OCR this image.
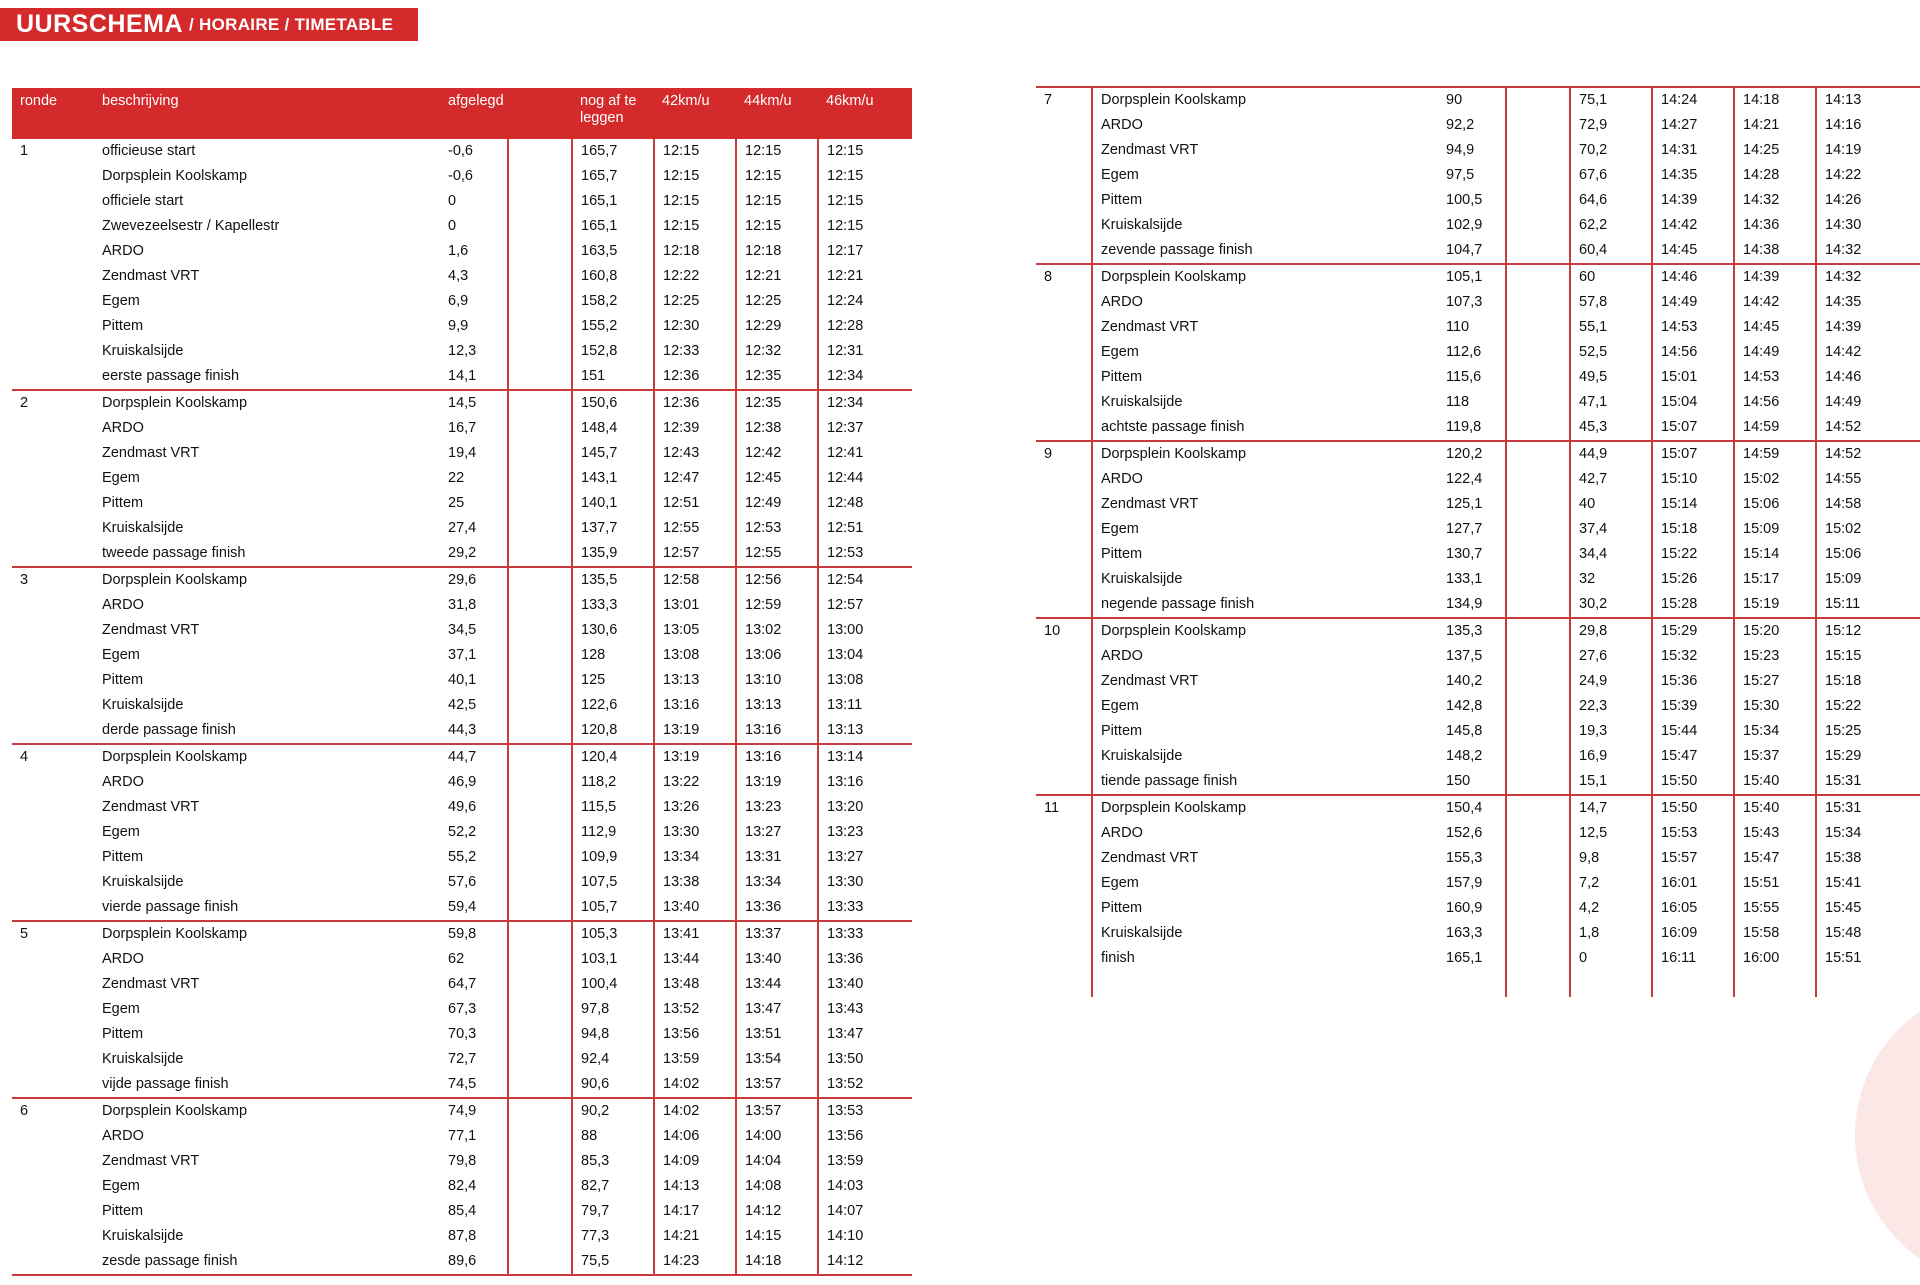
UURSCHEMA / HORAIRE / TIMETABLE
ronde	beschrijving	afgelegd		nog af te leggen	42km/u	44km/u	46km/u
1	officieuse start	-0,6		165,7	12:15	12:15	12:15
	Dorpsplein Koolskamp	-0,6		165,7	12:15	12:15	12:15
	officiele start	0		165,1	12:15	12:15	12:15
	Zwevezeelsestr / Kapellestr	0		165,1	12:15	12:15	12:15
	ARDO	1,6		163,5	12:18	12:18	12:17
	Zendmast VRT	4,3		160,8	12:22	12:21	12:21
	Egem	6,9		158,2	12:25	12:25	12:24
	Pittem	9,9		155,2	12:30	12:29	12:28
	Kruiskalsijde	12,3		152,8	12:33	12:32	12:31
	eerste passage finish	14,1		151	12:36	12:35	12:34
2	Dorpsplein Koolskamp	14,5		150,6	12:36	12:35	12:34
	ARDO	16,7		148,4	12:39	12:38	12:37
	Zendmast VRT	19,4		145,7	12:43	12:42	12:41
	Egem	22		143,1	12:47	12:45	12:44
	Pittem	25		140,1	12:51	12:49	12:48
	Kruiskalsijde	27,4		137,7	12:55	12:53	12:51
	tweede passage finish	29,2		135,9	12:57	12:55	12:53
3	Dorpsplein Koolskamp	29,6		135,5	12:58	12:56	12:54
	ARDO	31,8		133,3	13:01	12:59	12:57
	Zendmast VRT	34,5		130,6	13:05	13:02	13:00
	Egem	37,1		128	13:08	13:06	13:04
	Pittem	40,1		125	13:13	13:10	13:08
	Kruiskalsijde	42,5		122,6	13:16	13:13	13:11
	derde passage finish	44,3		120,8	13:19	13:16	13:13
4	Dorpsplein Koolskamp	44,7		120,4	13:19	13:16	13:14
	ARDO	46,9		118,2	13:22	13:19	13:16
	Zendmast VRT	49,6		115,5	13:26	13:23	13:20
	Egem	52,2		112,9	13:30	13:27	13:23
	Pittem	55,2		109,9	13:34	13:31	13:27
	Kruiskalsijde	57,6		107,5	13:38	13:34	13:30
	vierde passage finish	59,4		105,7	13:40	13:36	13:33
5	Dorpsplein Koolskamp	59,8		105,3	13:41	13:37	13:33
	ARDO	62		103,1	13:44	13:40	13:36
	Zendmast VRT	64,7		100,4	13:48	13:44	13:40
	Egem	67,3		97,8	13:52	13:47	13:43
	Pittem	70,3		94,8	13:56	13:51	13:47
	Kruiskalsijde	72,7		92,4	13:59	13:54	13:50
	vijde passage finish	74,5		90,6	14:02	13:57	13:52
6	Dorpsplein Koolskamp	74,9		90,2	14:02	13:57	13:53
	ARDO	77,1		88	14:06	14:00	13:56
	Zendmast VRT	79,8		85,3	14:09	14:04	13:59
	Egem	82,4		82,7	14:13	14:08	14:03
	Pittem	85,4		79,7	14:17	14:12	14:07
	Kruiskalsijde	87,8		77,3	14:21	14:15	14:10
	zesde passage finish	89,6		75,5	14:23	14:18	14:12
7	Dorpsplein Koolskamp	90		75,1	14:24	14:18	14:13
	ARDO	92,2		72,9	14:27	14:21	14:16
	Zendmast VRT	94,9		70,2	14:31	14:25	14:19
	Egem	97,5		67,6	14:35	14:28	14:22
	Pittem	100,5		64,6	14:39	14:32	14:26
	Kruiskalsijde	102,9		62,2	14:42	14:36	14:30
	zevende passage finish	104,7		60,4	14:45	14:38	14:32
8	Dorpsplein Koolskamp	105,1		60	14:46	14:39	14:32
	ARDO	107,3		57,8	14:49	14:42	14:35
	Zendmast VRT	110		55,1	14:53	14:45	14:39
	Egem	112,6		52,5	14:56	14:49	14:42
	Pittem	115,6		49,5	15:01	14:53	14:46
	Kruiskalsijde	118		47,1	15:04	14:56	14:49
	achtste passage finish	119,8		45,3	15:07	14:59	14:52
9	Dorpsplein Koolskamp	120,2		44,9	15:07	14:59	14:52
	ARDO	122,4		42,7	15:10	15:02	14:55
	Zendmast VRT	125,1		40	15:14	15:06	14:58
	Egem	127,7		37,4	15:18	15:09	15:02
	Pittem	130,7		34,4	15:22	15:14	15:06
	Kruiskalsijde	133,1		32	15:26	15:17	15:09
	negende passage finish	134,9		30,2	15:28	15:19	15:11
10	Dorpsplein Koolskamp	135,3		29,8	15:29	15:20	15:12
	ARDO	137,5		27,6	15:32	15:23	15:15
	Zendmast VRT	140,2		24,9	15:36	15:27	15:18
	Egem	142,8		22,3	15:39	15:30	15:22
	Pittem	145,8		19,3	15:44	15:34	15:25
	Kruiskalsijde	148,2		16,9	15:47	15:37	15:29
	tiende passage finish	150		15,1	15:50	15:40	15:31
11	Dorpsplein Koolskamp	150,4		14,7	15:50	15:40	15:31
	ARDO	152,6		12,5	15:53	15:43	15:34
	Zendmast VRT	155,3		9,8	15:57	15:47	15:38
	Egem	157,9		7,2	16:01	15:51	15:41
	Pittem	160,9		4,2	16:05	15:55	15:45
	Kruiskalsijde	163,3		1,8	16:09	15:58	15:48
	finish	165,1		0	16:11	16:00	15:51
